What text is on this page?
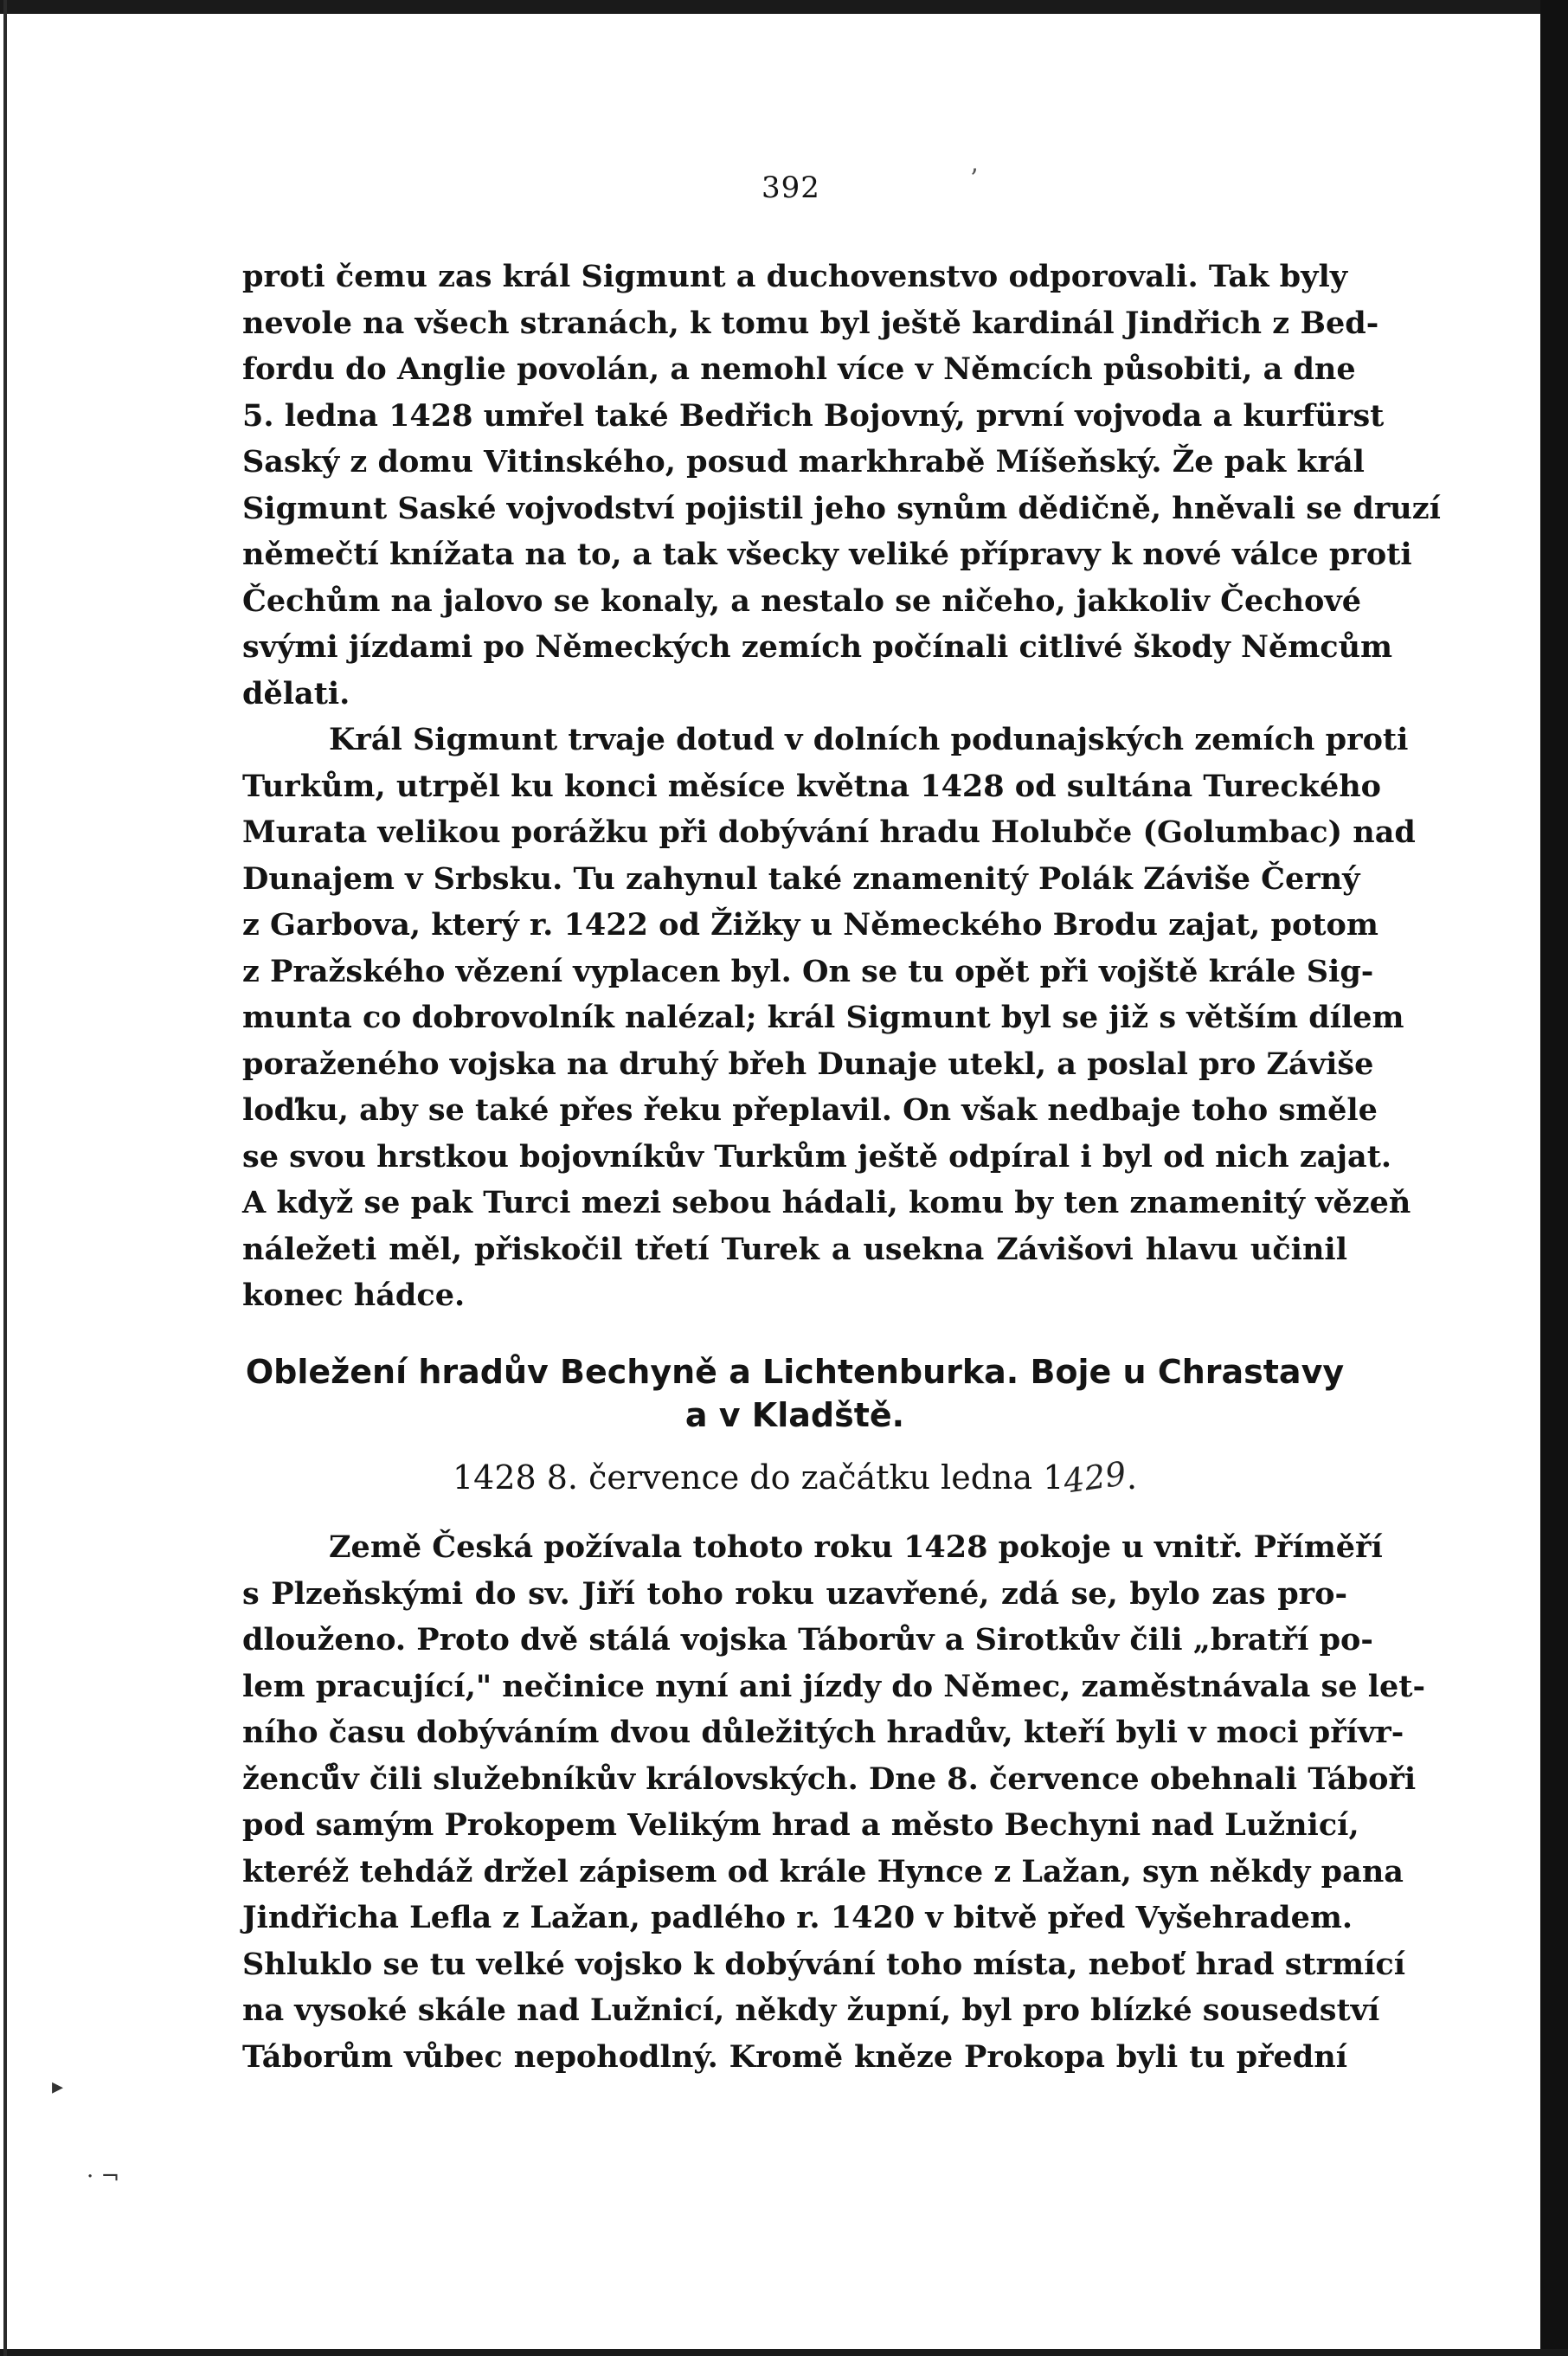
392	ʼ

proti čemu zas král Sigmunt a duchovenstvo odporovali. Tak byly
nevole na všech stranách, k tomu byl ještě kardinál Jindřich z Bed-
fordu do Anglie povolán, a nemohl více v Němcích působiti, a dne
5. ledna 1428 umřel také Bedřich Bojovný, první vojvoda a kurfürst
Saský z domu Vitinského, posud markhrabě Míšeňský. Že pak král
Sigmunt Saské vojvodství pojistil jeho synům dědičně, hněvali se druzí
němečtí knížata na to, a tak všecky veliké přípravy k nové válce proti
Čechům na jalovo se konaly, a nestalo se ničeho, jakkoliv Čechové
svými jízdami po Německých zemích počínali citlivé škody Němcům
dělati.

Král Sigmunt trvaje dotud v dolních podunajských zemích proti
Turkům, utrpěl ku konci měsíce května 1428 od sultána Tureckého
Murata velikou porážku při dobývání hradu Holubče (Golumbac) nad
Dunajem v Srbsku. Tu zahynul také znamenitý Polák Záviše Černý
z Garbova, který r. 1422 od Žižky u Německého Brodu zajat, potom
z Pražského vězení vyplacen byl. On se tu opět při vojště krále Sig-
munta co dobrovolník nalézal; král Sigmunt byl se již s větším dílem
poraženého vojska na druhý břeh Dunaje utekl, a poslal pro Záviše
loďku, aby se také přes řeku přeplavil. On však nedbaje toho směle
se svou hrstkou bojovníkův Turkům ještě odpíral i byl od nich zajat.
A když se pak Turci mezi sebou hádali, komu by ten znamenitý vězeň
náležeti měl, přiskočil třetí Turek a usekna Závišovi hlavu učinil
konec hádce.

Obležení hradův Bechyně a Lichtenburka. Boje u Chrastavy
a v Kladště.
1428 8. července do začátku ledna 1429.

Země Česká požívala tohoto roku 1428 pokoje u vnitř. Příměří
s Plzeňskými do sv. Jiří toho roku uzavřené, zdá se, bylo zas pro-
dlouženo. Proto dvě stálá vojska Táborův a Sirotkův čili „bratří po-
lem pracující," nečinice nyní ani jízdy do Němec, zaměstnávala se let-
ního času dobýváním dvou důležitých hradův, kteří byli v moci přívr-
ženců̊v čili služebníkův královských. Dne 8. července obehnali Táboři
pod samým Prokopem Velikým hrad a město Bechyni nad Lužnicí,
kteréž tehdáž držel zápisem od krále Hynce z Lažan, syn někdy pana
Jindřicha Lefla z Lažan, padlého r. 1420 v bitvě před Vyšehradem.
Shluklo se tu velké vojsko k dobývání toho místa, neboť hrad strmící
na vysoké skále nad Lužnicí, někdy župní, byl pro blízké sousedství
Táborům vůbec nepohodlný. Kromě kněze Prokopa byli tu přední

▸
· ¬
